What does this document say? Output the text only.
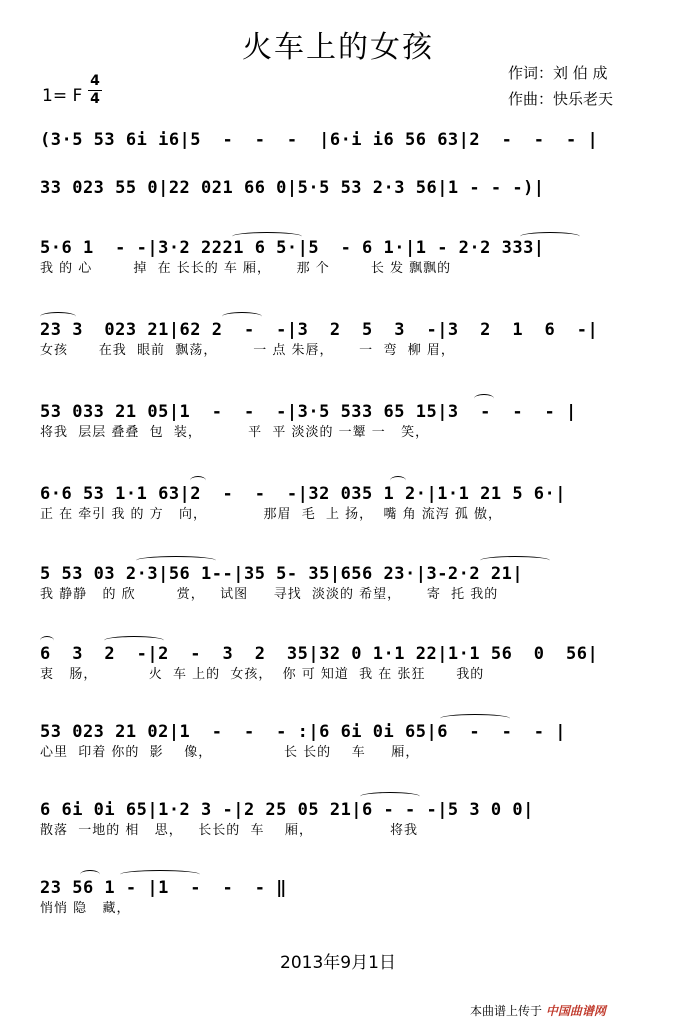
火车上的女孩
作词：刘 伯 成
作曲：快乐老天
1= F
4
4
(3·5 53 6i i6|5  -  -  -  |6·i i6 56 63|2  -  -  - |
33 023 55 0|22 021 66 0|5·5 53 2·3 56|1 - - -)|
5·6 1  - -|3·2 2221 6 5·|5  - 6 1·|1 - 2·2 333|
我 的 心        掉  在 长长的 车 厢，     那 个        长 发 飘飘的
23 3  023 21|62 2  -  -|3  2  5  3  -|3  2  1  6  -|
女孩      在我  眼前  飘荡，       一 点 朱唇，     一  弯  柳 眉，
53 033 21 05|1  -  -  -|3·5 533 65 15|3  -  -  - |
将我  层层 叠叠  包  装，         平  平 淡淡的 一颦 一   笑，
6·6 53 1·1 63|2  -  -  -|32 035 1 2·|1·1 21 5 6·|
正 在 牵引 我 的 方   向，           那眉  毛  上 扬，  嘴 角 流泻 孤 傲，
5 53 03 2·3|56 1--|35 5- 35|656 23·|3-2·2 21|
我 静静   的 欣        赏，   试图     寻找  淡淡的 希望，     寄  托 我的
6  3  2  -|2  -  3  2  35|32 0 1·1 22|1·1 56  0  56|
衷   肠，          火  车 上的  女孩，  你 可 知道  我 在 张狂      我的
53 023 21 02|1  -  -  - :|6 6i 0i 65|6  -  -  - |
心里  印着 你的  影    像，              长 长的    车     厢，
6 6i 0i 65|1·2 3 -|2 25 05 21|6 - - -|5 3 0 0|
散落  一地的 相   思，   长长的  车    厢，               将我
23 56 1 - |1  -  -  - ‖
悄悄 隐   藏，
2013年9月1日
本曲谱上传于 中国曲谱网
